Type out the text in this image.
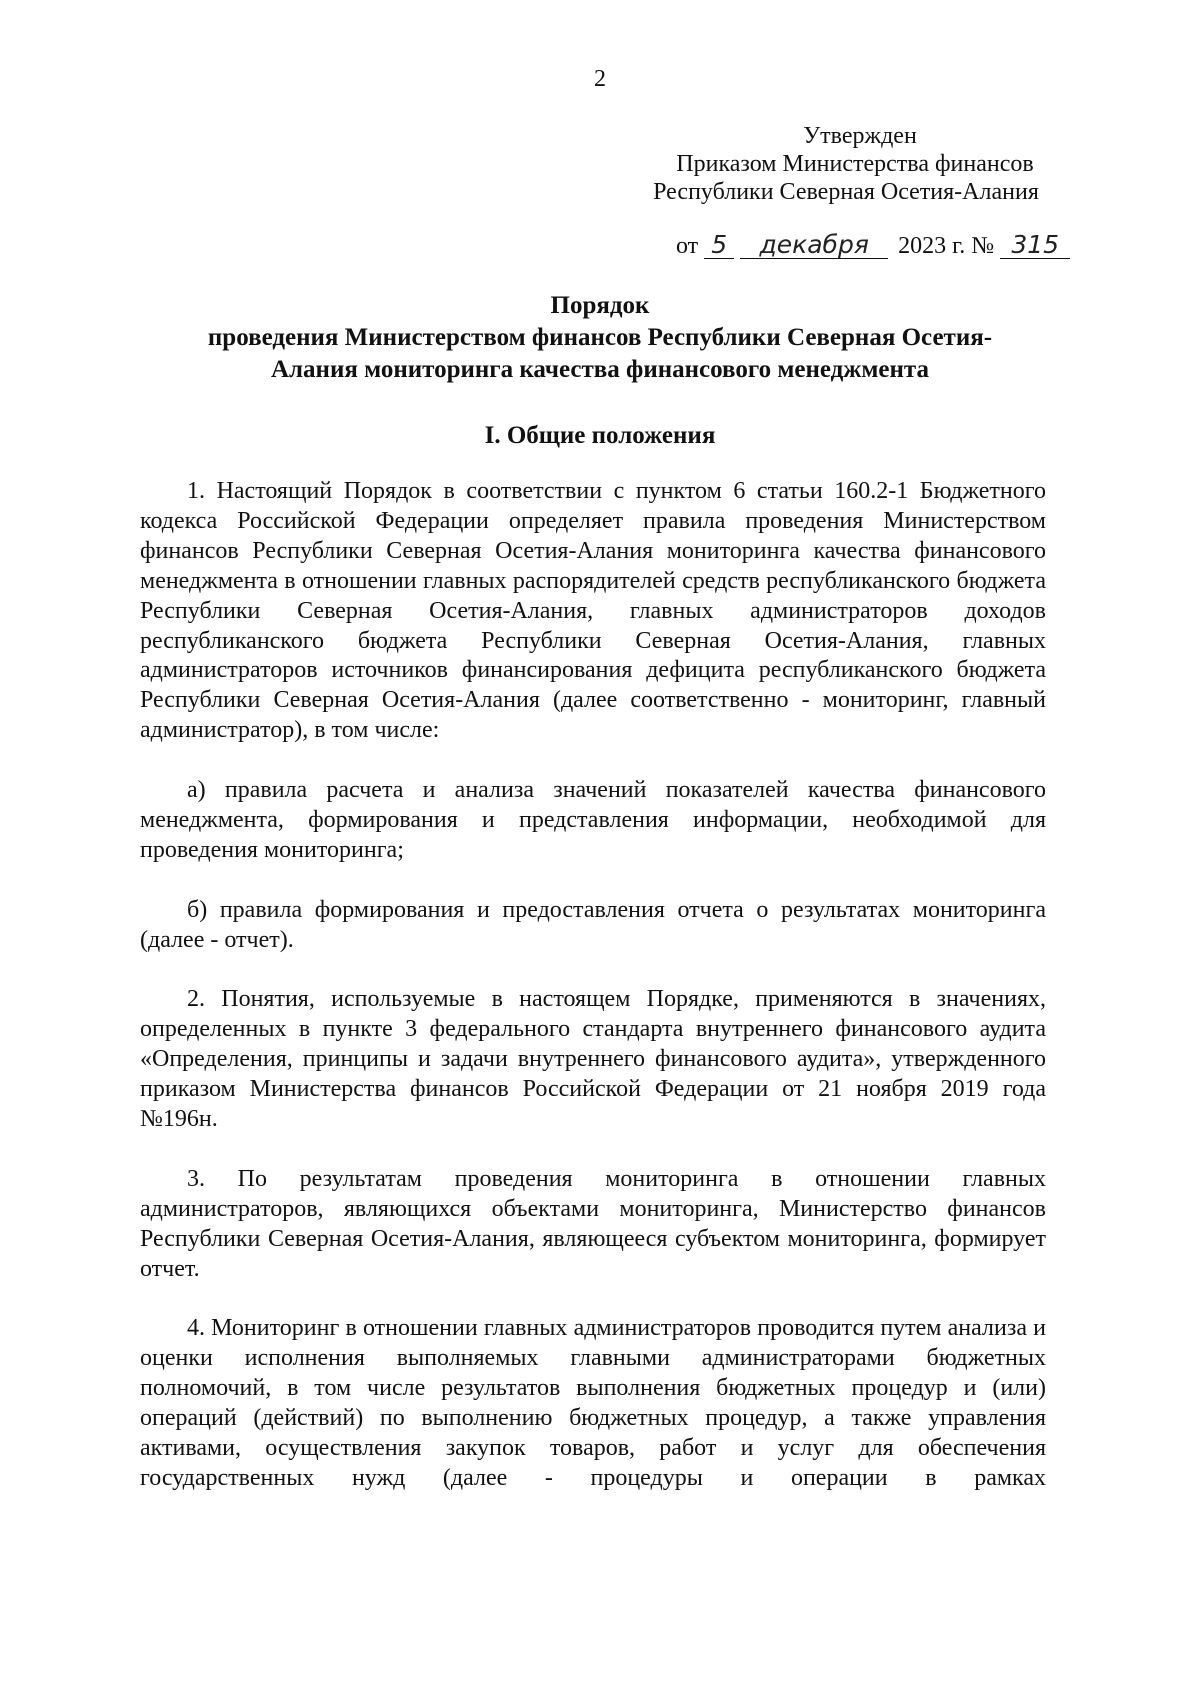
2
Утвержден
Приказом Министерства финансов
Республики Северная Осетия-Алания
от 5 декабря 2023 г. № 315
Порядок
проведения Министерством финансов Республики Северная Осетия-
Алания мониторинга качества финансового менеджмента
I. Общие положения

1. Настоящий Порядок в соответствии с пунктом 6 статьи 160.2-1 Бюджетного кодекса Российской Федерации определяет правила проведения Министерством финансов Республики Северная Осетия-Алания мониторинга качества финансового менеджмента в отношении главных распорядителей средств республиканского бюджета Республики Северная Осетия-Алания, главных администраторов доходов республиканского бюджета Республики Северная Осетия-Алания, главных администраторов источников финансирования дефицита республиканского бюджета Республики Северная Осетия-Алания (далее соответственно - мониторинг, главный администратор), в том числе:

а) правила расчета и анализа значений показателей качества финансового менеджмента, формирования и представления информации, необходимой для проведения мониторинга;

б) правила формирования и предоставления отчета о результатах мониторинга (далее - отчет).

2. Понятия, используемые в настоящем Порядке, применяются в значениях, определенных в пункте 3 федерального стандарта внутреннего финансового аудита «Определения, принципы и задачи внутреннего финансового аудита», утвержденного приказом Министерства финансов Российской Федерации от 21 ноября 2019 года №196н.

3. По результатам проведения мониторинга в отношении главных администраторов, являющихся объектами мониторинга, Министерство финансов Республики Северная Осетия-Алания, являющееся субъектом мониторинга, формирует отчет.

4. Мониторинг в отношении главных администраторов проводится путем анализа и оценки исполнения выполняемых главными администраторами бюджетных полномочий, в том числе результатов выполнения бюджетных процедур и (или) операций (действий) по выполнению бюджетных процедур, а также управления активами, осуществления закупок товаров, работ и услуг для обеспечения государственных нужд (далее - процедуры и операции в рамках
